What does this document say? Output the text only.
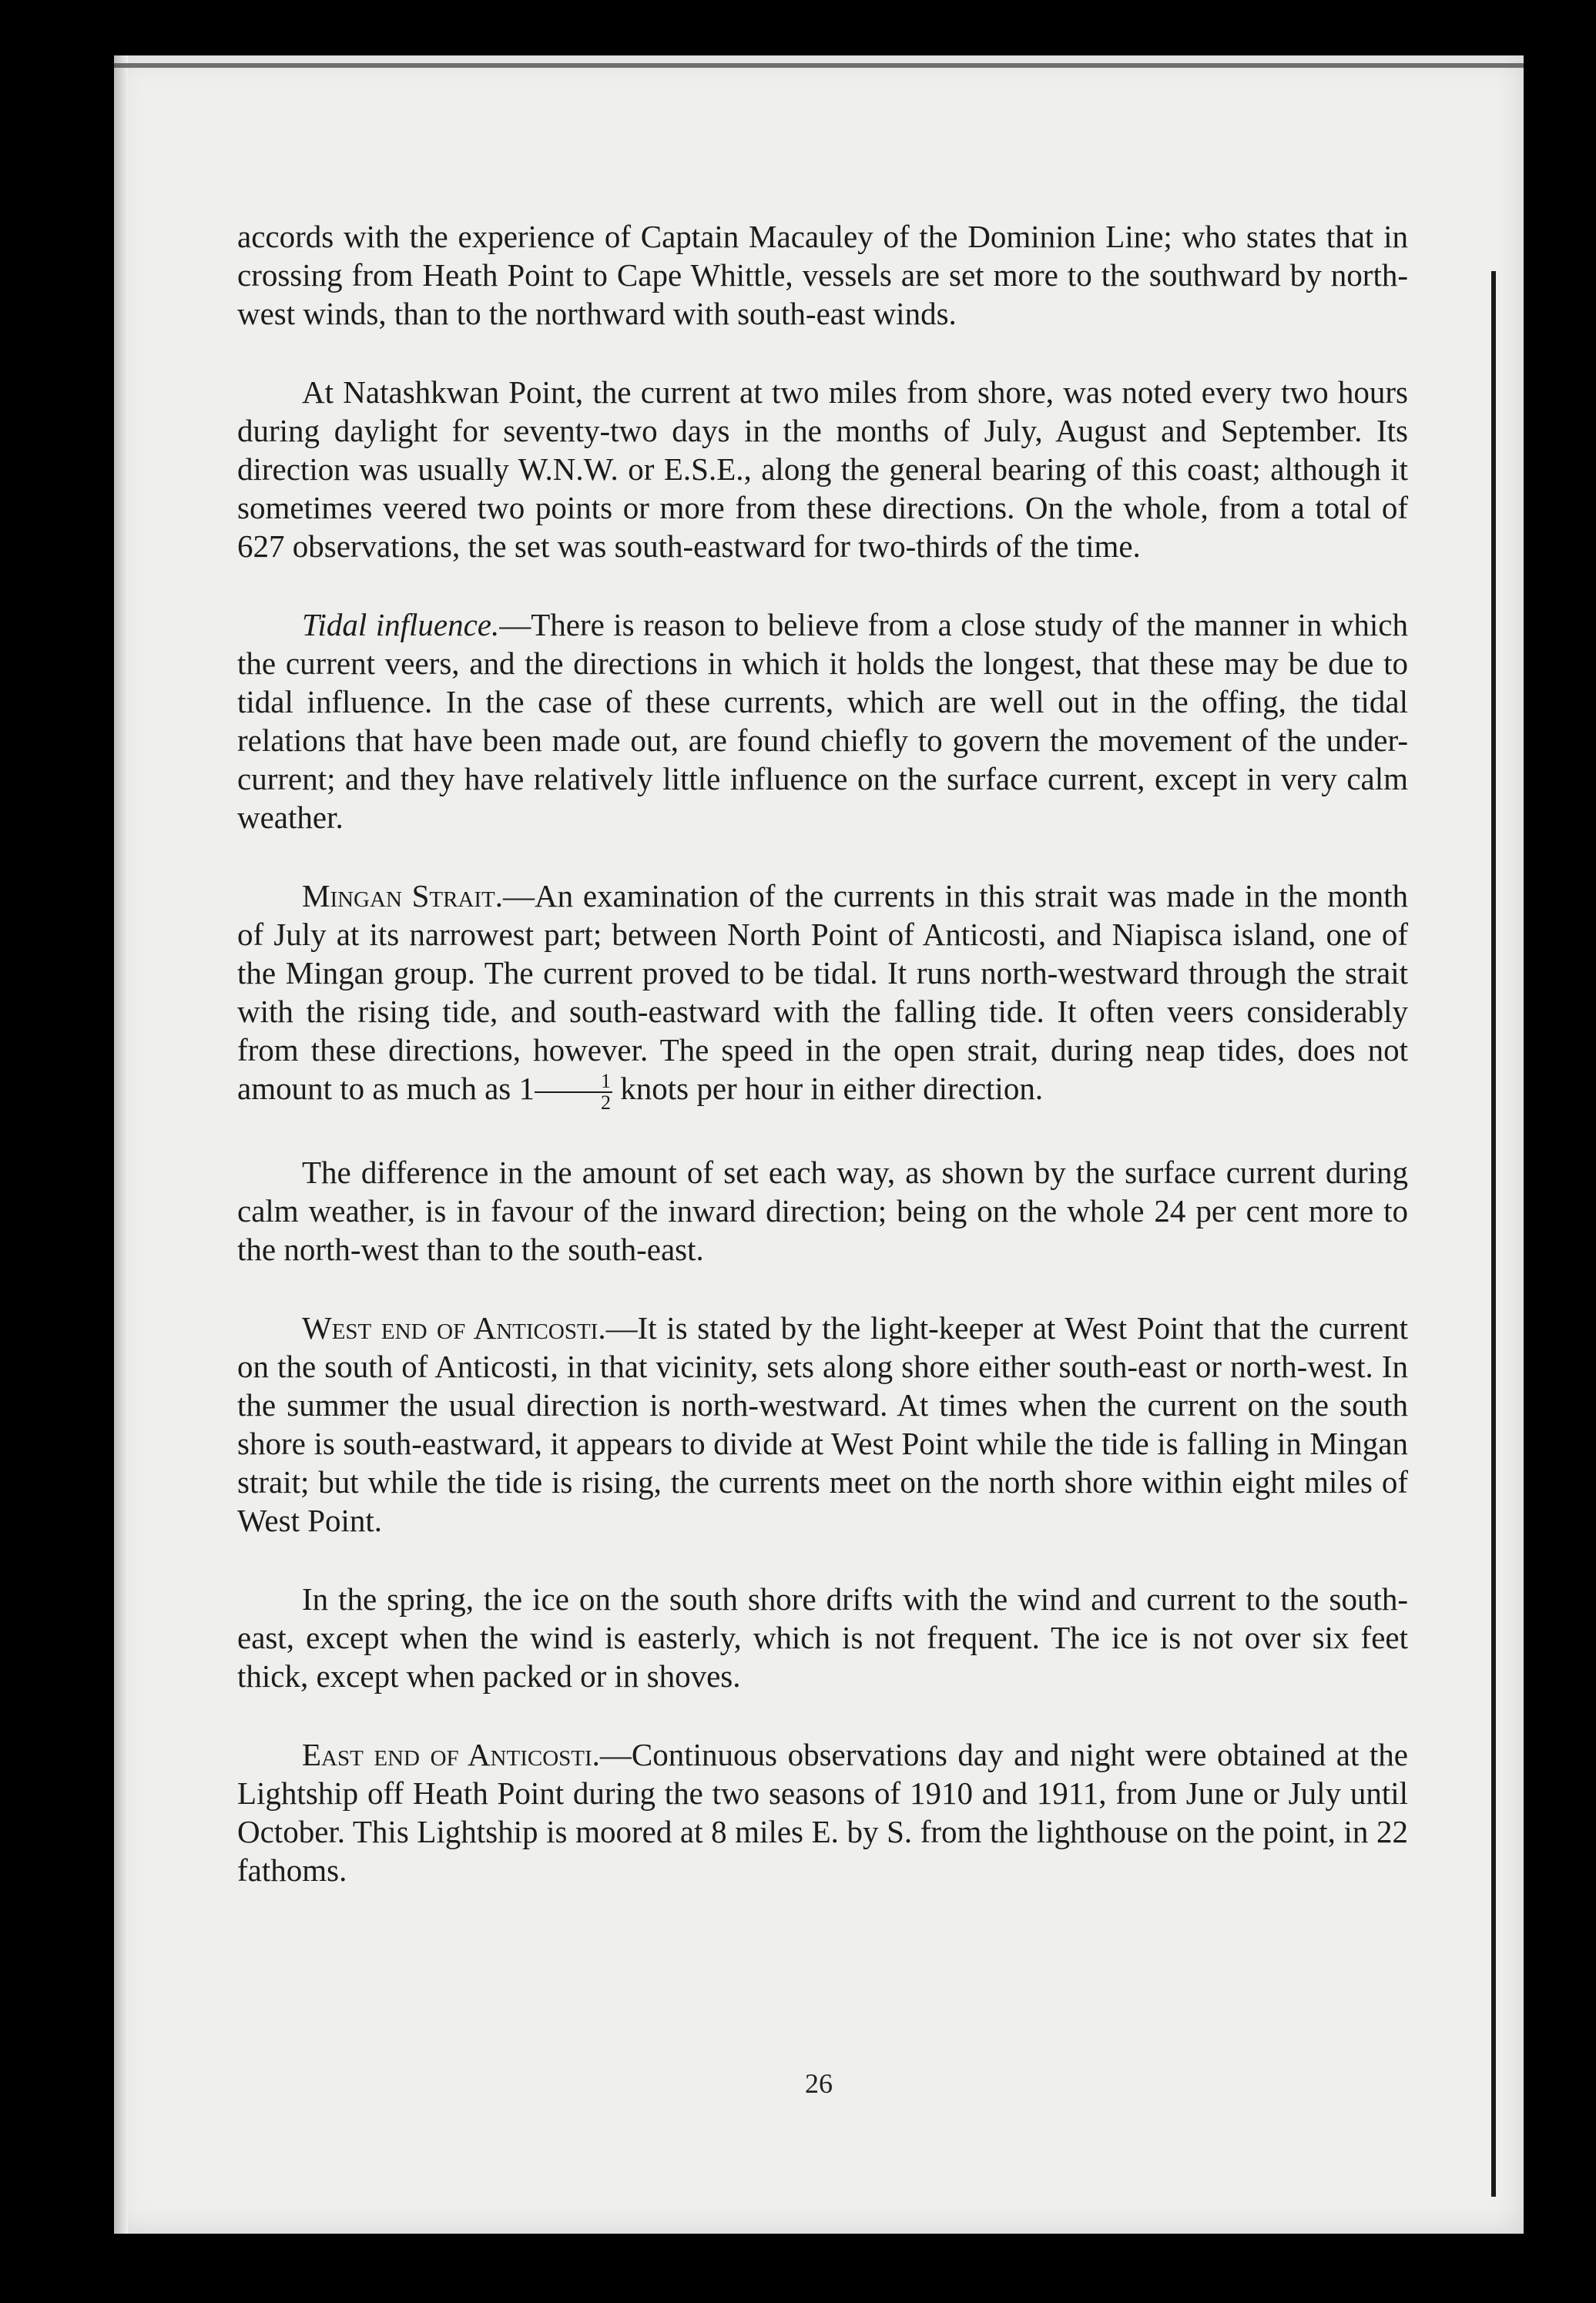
accords with the experience of Captain Macauley of the Dominion Line; who states that in crossing from Heath Point to Cape Whittle, vessels are set more to the southward by north-west winds, than to the northward with south-east winds.

At Natashkwan Point, the current at two miles from shore, was noted every two hours during daylight for seventy-two days in the months of July, August and September. Its direction was usually W.N.W. or E.S.E., along the general bearing of this coast; although it sometimes veered two points or more from these directions. On the whole, from a total of 627 observations, the set was south-eastward for two-thirds of the time.

Tidal influence.—There is reason to believe from a close study of the manner in which the current veers, and the directions in which it holds the longest, that these may be due to tidal influence. In the case of these currents, which are well out in the offing, the tidal relations that have been made out, are found chiefly to govern the movement of the under-current; and they have relatively little influence on the surface current, except in very calm weather.

Mingan Strait.—An examination of the currents in this strait was made in the month of July at its narrowest part; between North Point of Anticosti, and Niapisca island, one of the Mingan group. The current proved to be tidal. It runs north-westward through the strait with the rising tide, and south-eastward with the falling tide. It often veers considerably from these directions, however. The speed in the open strait, during neap tides, does not amount to as much as $1 \frac{1}{2}$ knots per hour in either direction.

The difference in the amount of set each way, as shown by the surface current during calm weather, is in favour of the inward direction; being on the whole 24 per cent more to the north-west than to the south-east.

West end of Anticosti.—It is stated by the light-keeper at West Point that the current on the south of Anticosti, in that vicinity, sets along shore either south-east or north-west. In the summer the usual direction is north-westward. At times when the current on the south shore is south-eastward, it appears to divide at West Point while the tide is falling in Mingan strait; but while the tide is rising, the currents meet on the north shore within eight miles of West Point.

In the spring, the ice on the south shore drifts with the wind and current to the south-east, except when the wind is easterly, which is not frequent. The ice is not over six feet thick, except when packed or in shoves.

East end of Anticosti.—Continuous observations day and night were obtained at the Lightship off Heath Point during the two seasons of 1910 and 1911, from June or July until October. This Lightship is moored at 8 miles E. by S. from the lighthouse on the point, in 22 fathoms.

26
